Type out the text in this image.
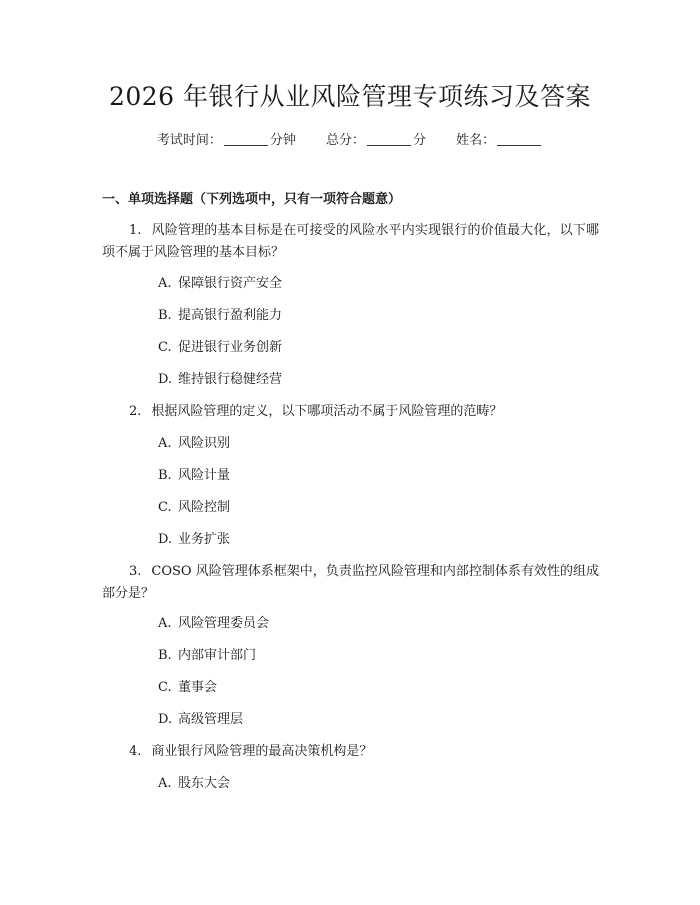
2026 年银行从业风险管理专项练习及答案
考试时间：	分钟 总分：	分 姓名：
一、单项选择题（下列选项中，只有一项符合题意）
1. 风险管理的基本目标是在可接受的风险水平内实现银行的价值最大化，以下哪项不属于风险管理的基本目标？
A. 保障银行资产安全
B. 提高银行盈利能力
C. 促进银行业务创新
D. 维持银行稳健经营
2. 根据风险管理的定义，以下哪项活动不属于风险管理的范畴？
A. 风险识别
B. 风险计量
C. 风险控制
D. 业务扩张
3. COSO 风险管理体系框架中，负责监控风险管理和内部控制体系有效性的组成部分是？
A. 风险管理委员会
B. 内部审计部门
C. 董事会
D. 高级管理层
4. 商业银行风险管理的最高决策机构是？
A. 股东大会
